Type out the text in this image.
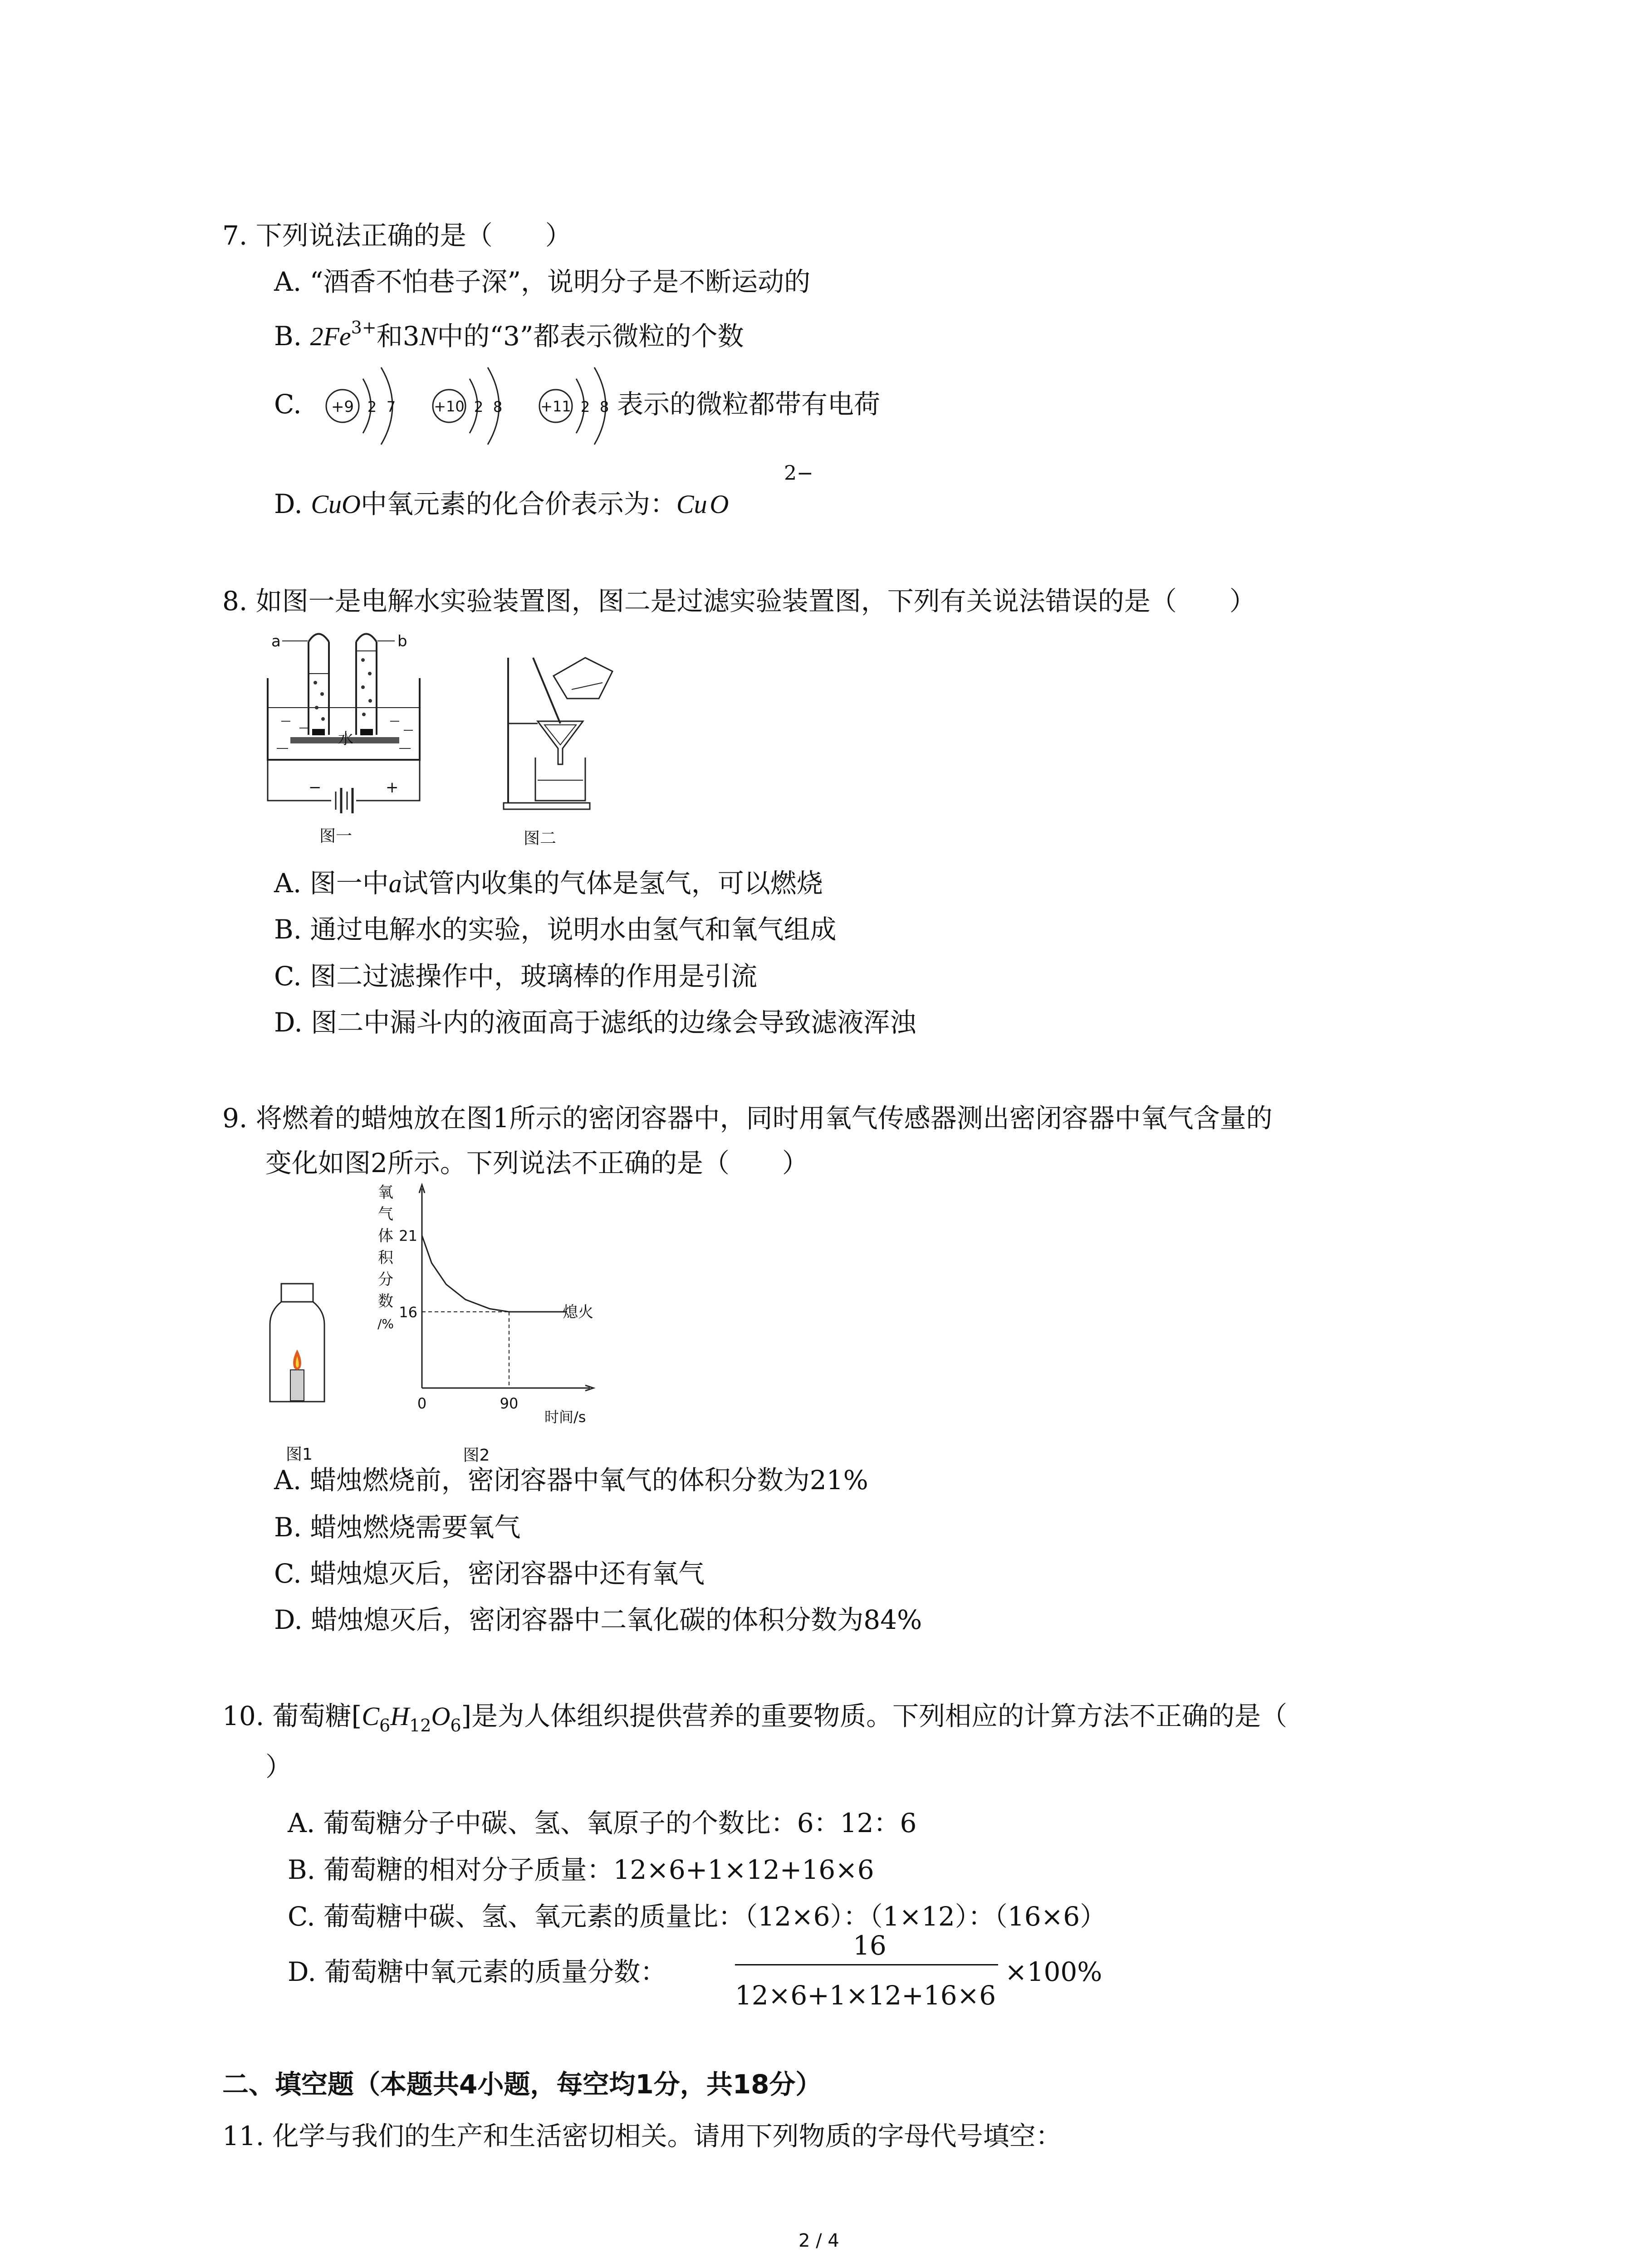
7. 下列说法正确的是（　　）
A. “酒香不怕巷子深”，说明分子是不断运动的
B. $2Fe^{3+}$和3N中的“3”都表示微粒的个数
C. +9 2 7	+10 2 8	+11 2 8 表示的微粒都带有电荷
D. CuO中氧元素的化合价表示为：Cu O
2−
8. 如图一是电解水实验装置图，图二是过滤实验装置图，下列有关说法错误的是（　　）
a	b
水
−	+
图一	图二
A. 图一中a试管内收集的气体是氢气，可以燃烧
B. 通过电解水的实验，说明水由氢气和氧气组成
C. 图二过滤操作中，玻璃棒的作用是引流
D. 图二中漏斗内的液面高于滤纸的边缘会导致滤液浑浊
9. 将燃着的蜡烛放在图1所示的密闭容器中，同时用氧气传感器测出密闭容器中氧气含量的
变化如图2所示。下列说法不正确的是（　　）
图1
氧
气
体
积
分
数
/%
21
16
0	90
时间/s
熄火
图2
A. 蜡烛燃烧前，密闭容器中氧气的体积分数为21%
B. 蜡烛燃烧需要氧气
C. 蜡烛熄灭后，密闭容器中还有氧气
D. 蜡烛熄灭后，密闭容器中二氧化碳的体积分数为84%
10. 葡萄糖$[C_6H_{12}O_6]$是为人体组织提供营养的重要物质。下列相应的计算方法不正确的是（
）
A. 葡萄糖分子中碳、氢、氧原子的个数比：6：12：6
B. 葡萄糖的相对分子质量：12×6+1×12+16×6
C. 葡萄糖中碳、氢、氧元素的质量比：（12×6）：（1×12）：（16×6）
D. 葡萄糖中氧元素的质量分数：
16
12×6+1×12+16×6
×100%
二、填空题（本题共4小题，每空均1分，共18分）
11. 化学与我们的生产和生活密切相关。请用下列物质的字母代号填空：
2 / 4
